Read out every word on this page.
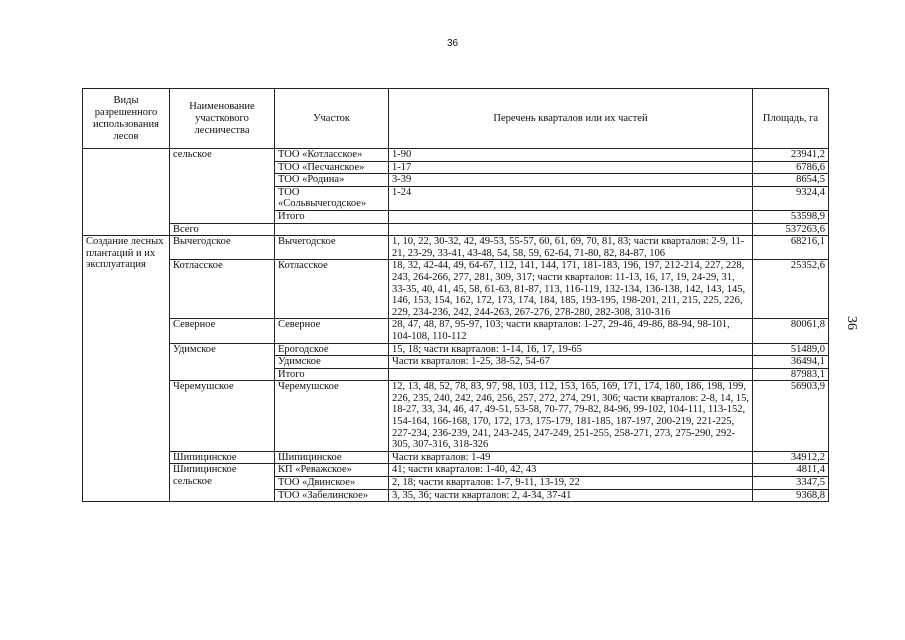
36
36
Виды разрешенного использования лесов	Наименование участкового лесничества	Участок	Перечень кварталов или их частей	Площадь, га
	сельское	ТОО «Котласское»	1-90	23941,2
		ТОО «Песчанское»	1-17	6786,6
		ТОО «Родина»	3-39	8654,5
		ТОО «Сольвычегодское»	1-24	9324,4
		Итого		53598,9
	Всего			537263,6
Создание лесных плантаций и их эксплуатация	Вычегодское	Вычегодское	1, 10, 22, 30-32, 42, 49-53, 55-57, 60, 61, 69, 70, 81, 83; части кварталов: 2-9, 11-21, 23-29, 33-41, 43-48, 54, 58, 59, 62-64, 71-80, 82, 84-87, 106	68216,1
	Котласское	Котласское	18, 32, 42-44, 49, 64-67, 112, 141, 144, 171, 181-183, 196, 197, 212-214, 227, 228, 243, 264-266, 277, 281, 309, 317; части кварталов: 11-13, 16, 17, 19, 24-29, 31, 33-35, 40, 41, 45, 58, 61-63, 81-87, 113, 116-119, 132-134, 136-138, 142, 143, 145, 146, 153, 154, 162, 172, 173, 174, 184, 185, 193-195, 198-201, 211, 215, 225, 226, 229, 234-236, 242, 244-263, 267-276, 278-280, 282-308, 310-316	25352,6
	Северное	Северное	28, 47, 48, 87, 95-97, 103; части кварталов: 1-27, 29-46, 49-86, 88-94, 98-101, 104-108, 110-112	80061,8
	Удимское	Ерогодское	15, 18; части кварталов: 1-14, 16, 17, 19-65	51489,0
		Удимское	Части кварталов: 1-25, 38-52, 54-67	36494,1
		Итого		87983,1
	Черемушское	Черемушское	12, 13, 48, 52, 78, 83, 97, 98, 103, 112, 153, 165, 169, 171, 174, 180, 186, 198, 199, 226, 235, 240, 242, 246, 256, 257, 272, 274, 291, 306; части кварталов: 2-8, 14, 15, 18-27, 33, 34, 46, 47, 49-51, 53-58, 70-77, 79-82, 84-96, 99-102, 104-111, 113-152, 154-164, 166-168, 170, 172, 173, 175-179, 181-185, 187-197, 200-219, 221-225, 227-234, 236-239, 241, 243-245, 247-249, 251-255, 258-271, 273, 275-290, 292-305, 307-316, 318-326	56903,9
	Шипицинское	Шипицинское	Части кварталов: 1-49	34912,2
	Шипицинское сельское	КП «Реважское»	41; части кварталов: 1-40, 42, 43	4811,4
		ТОО «Двинское»	2, 18; части кварталов: 1-7, 9-11, 13-19, 22	3347,5
		ТОО «Забелинское»	3, 35, 36; части кварталов: 2, 4-34, 37-41	9368,8
